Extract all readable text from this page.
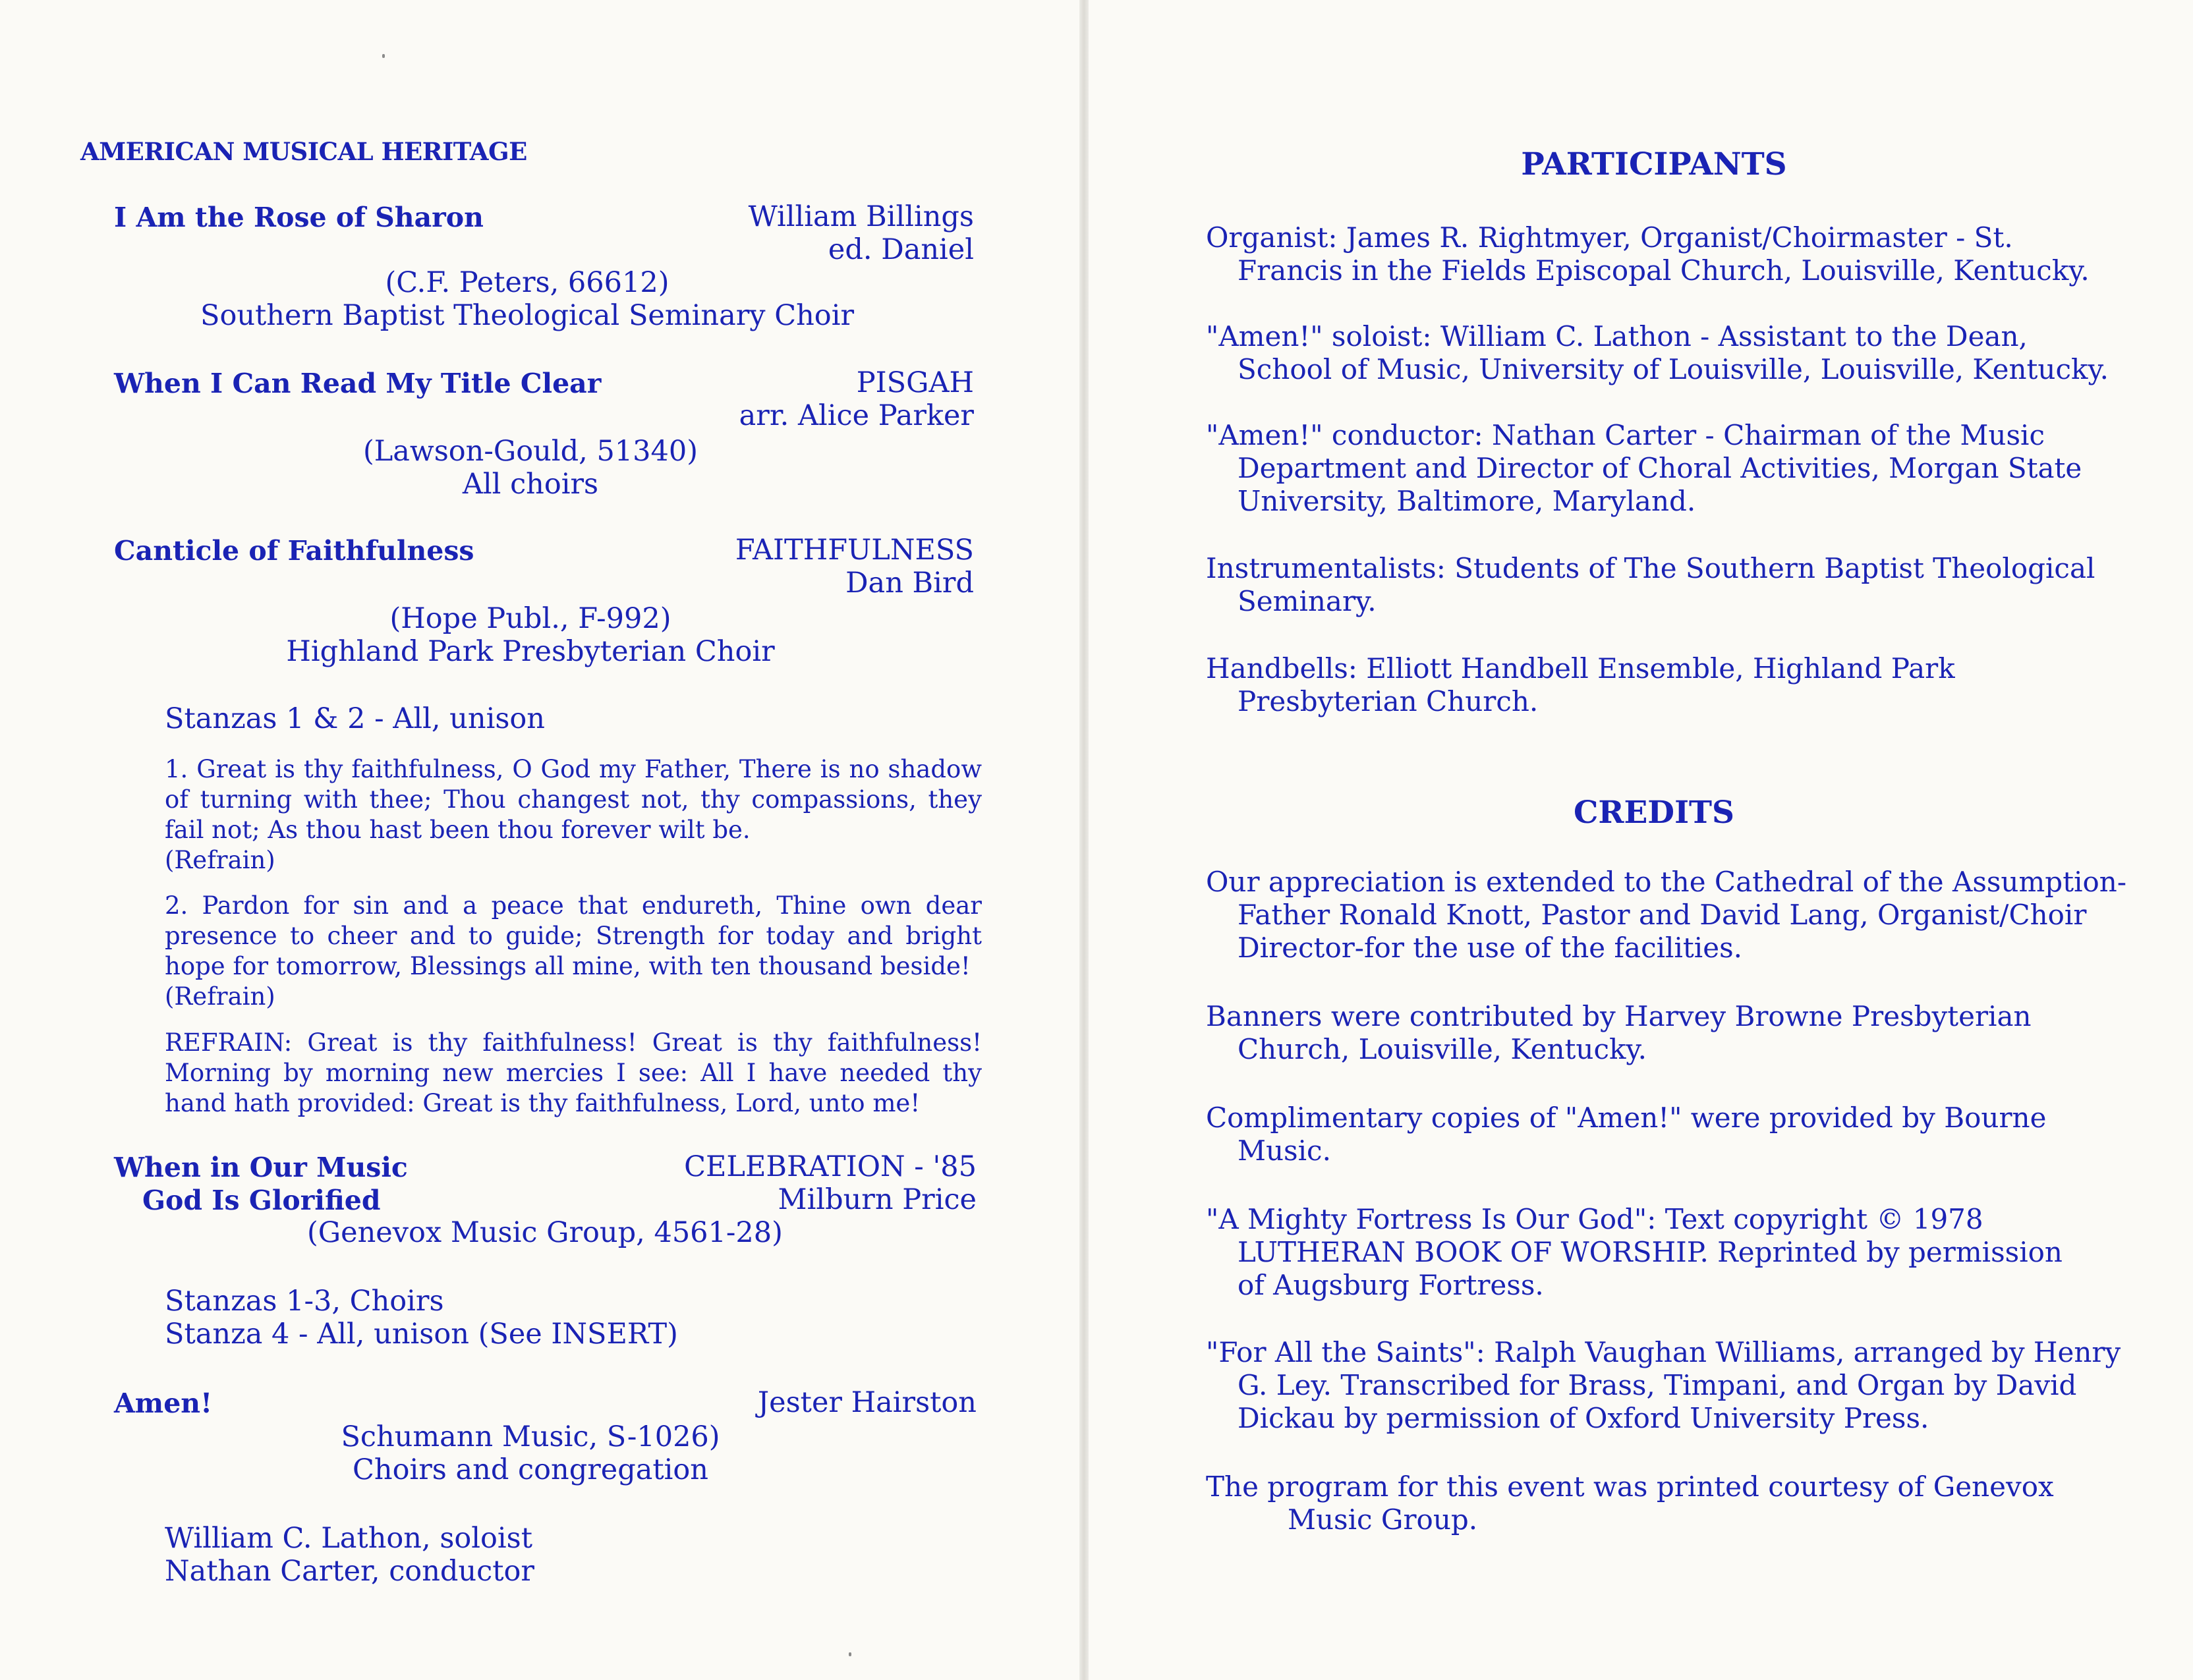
AMERICAN MUSICAL HERITAGE

I Am the Rose of Sharon	William Billings

ed. Daniel

(C.F. Peters, 66612)

Southern Baptist Theological Seminary Choir

When I Can Read My Title Clear	PISGAH

arr. Alice Parker

(Lawson-Gould, 51340)

All choirs

Canticle of Faithfulness	FAITHFULNESS

Dan Bird

(Hope Publ., F-992)

Highland Park Presbyterian Choir

Stanzas 1 & 2 - All, unison

1. Great is thy faithfulness, O God my Father, There is no shadow of turning with thee; Thou changest not, thy compassions, they fail not; As thou hast been thou forever wilt be.
(Refrain)

2. Pardon for sin and a peace that endureth, Thine own dear presence to cheer and to guide; Strength for today and bright hope for tomorrow, Blessings all mine, with ten thousand beside!
(Refrain)

REFRAIN: Great is thy faithfulness! Great is thy faithfulness! Morning by morning new mercies I see: All I have needed thy hand hath provided: Great is thy faithfulness, Lord, unto me!

When in Our Music

God Is Glorified

CELEBRATION - '85

Milburn Price

(Genevox Music Group, 4561-28)

Stanzas 1-3, Choirs

Stanza 4 - All, unison (See INSERT)

Amen!	Jester Hairston

Schumann Music, S-1026)

Choirs and congregation

William C. Lathon, soloist

Nathan Carter, conductor

PARTICIPANTS

Organist: James R. Rightmyer, Organist/Choirmaster - St.
Francis in the Fields Episcopal Church, Louisville, Kentucky.

"Amen!" soloist: William C. Lathon - Assistant to the Dean,
School of Music, University of Louisville, Louisville, Kentucky.

"Amen!" conductor: Nathan Carter - Chairman of the Music
Department and Director of Choral Activities, Morgan State
University, Baltimore, Maryland.

Instrumentalists: Students of The Southern Baptist Theological
Seminary.

Handbells: Elliott Handbell Ensemble, Highland Park
Presbyterian Church.

CREDITS

Our appreciation is extended to the Cathedral of the Assumption-
Father Ronald Knott, Pastor and David Lang, Organist/Choir
Director-for the use of the facilities.

Banners were contributed by Harvey Browne Presbyterian
Church, Louisville, Kentucky.

Complimentary copies of "Amen!" were provided by Bourne
Music.

"A Mighty Fortress Is Our God": Text copyright © 1978
LUTHERAN BOOK OF WORSHIP. Reprinted by permission
of Augsburg Fortress.

"For All the Saints": Ralph Vaughan Williams, arranged by Henry
G. Ley. Transcribed for Brass, Timpani, and Organ by David
Dickau by permission of Oxford University Press.

The program for this event was printed courtesy of Genevox
Music Group.
